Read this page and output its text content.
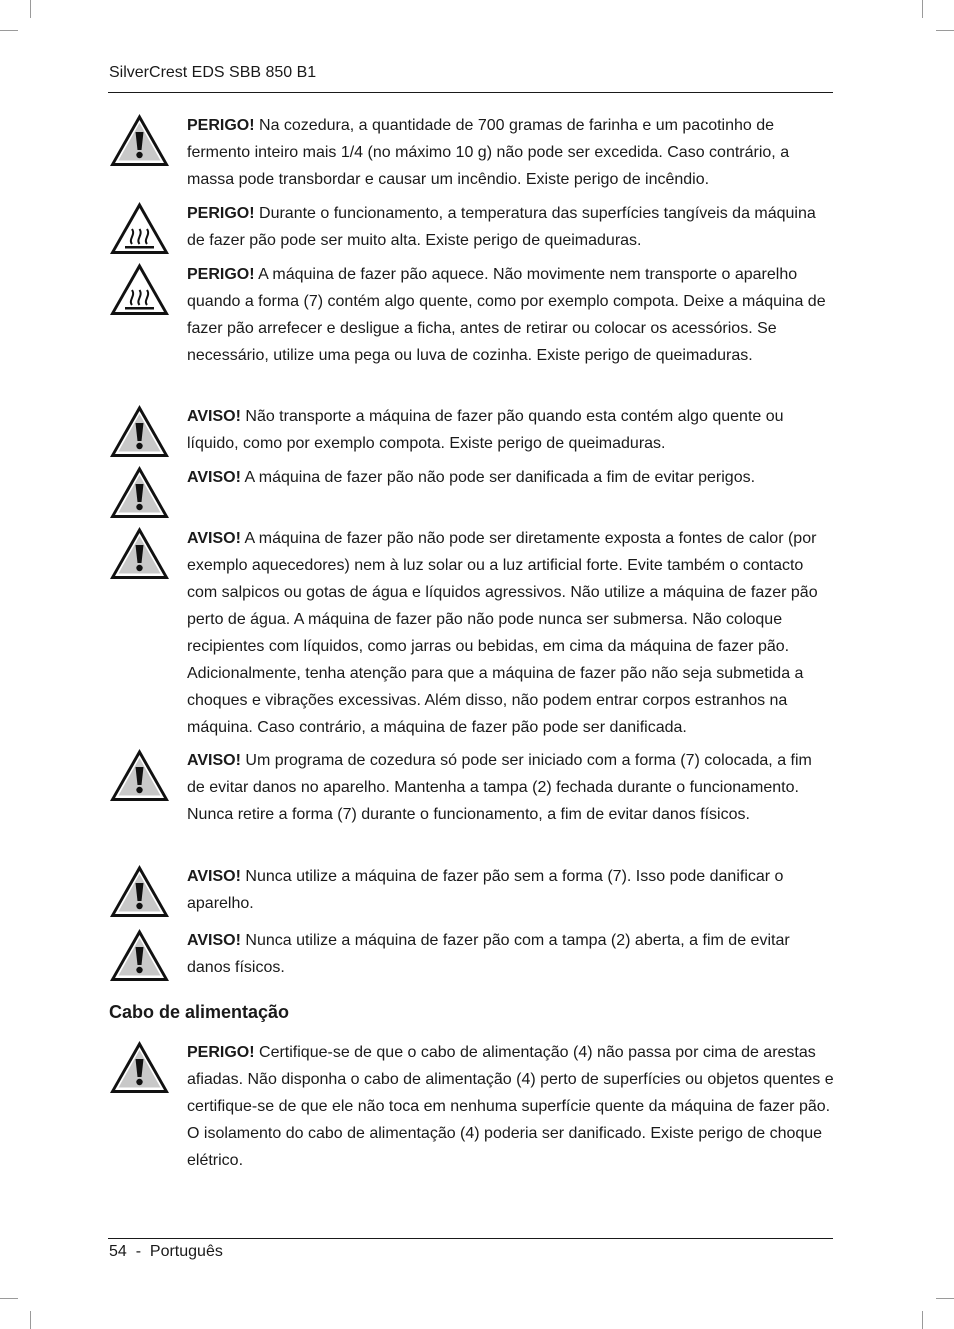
SilverCrest EDS SBB 850 B1

PERIGO! Na cozedura, a quantidade de 700 gramas de farinha e um pacotinho de fermento inteiro mais 1/4 (no máximo 10 g) não pode ser excedida. Caso contrário, a massa pode transbordar e causar um incêndio. Existe perigo de incêndio.

PERIGO! Durante o funcionamento, a temperatura das superfícies tangíveis da máquina de fazer pão pode ser muito alta. Existe perigo de queimaduras.

PERIGO! A máquina de fazer pão aquece. Não movimente nem transporte o aparelho quando a forma (7) contém algo quente, como por exemplo compota. Deixe a máquina de fazer pão arrefecer e desligue a ficha, antes de retirar ou colocar os acessórios. Se necessário, utilize uma pega ou luva de cozinha. Existe perigo de queimaduras.

AVISO! Não transporte a máquina de fazer pão quando esta contém algo quente ou líquido, como por exemplo compota. Existe perigo de queimaduras.

AVISO! A máquina de fazer pão não pode ser danificada a fim de evitar perigos.

AVISO! A máquina de fazer pão não pode ser diretamente exposta a fontes de calor (por exemplo aquecedores) nem à luz solar ou a luz artificial forte. Evite também o contacto com salpicos ou gotas de água e líquidos agressivos. Não utilize a máquina de fazer pão perto de água. A máquina de fazer pão não pode nunca ser submersa. Não coloque recipientes com líquidos, como jarras ou bebidas, em cima da máquina de fazer pão. Adicionalmente, tenha atenção para que a máquina de fazer pão não seja submetida a choques e vibrações excessivas. Além disso, não podem entrar corpos estranhos na máquina. Caso contrário, a máquina de fazer pão pode ser danificada.

AVISO! Um programa de cozedura só pode ser iniciado com a forma (7) colocada, a fim de evitar danos no aparelho. Mantenha a tampa (2) fechada durante o funcionamento. Nunca retire a forma (7) durante o funcionamento, a fim de evitar danos físicos.

AVISO! Nunca utilize a máquina de fazer pão sem a forma (7). Isso pode danificar o aparelho.

AVISO! Nunca utilize a máquina de fazer pão com a tampa (2) aberta, a fim de evitar danos físicos.

Cabo de alimentação

PERIGO! Certifique-se de que o cabo de alimentação (4) não passa por cima de arestas afiadas. Não disponha o cabo de alimentação (4) perto de superfícies ou objetos quentes e certifique-se de que ele não toca em nenhuma superfície quente da máquina de fazer pão. O isolamento do cabo de alimentação (4) poderia ser danificado. Existe perigo de choque elétrico.

54  -  Português
